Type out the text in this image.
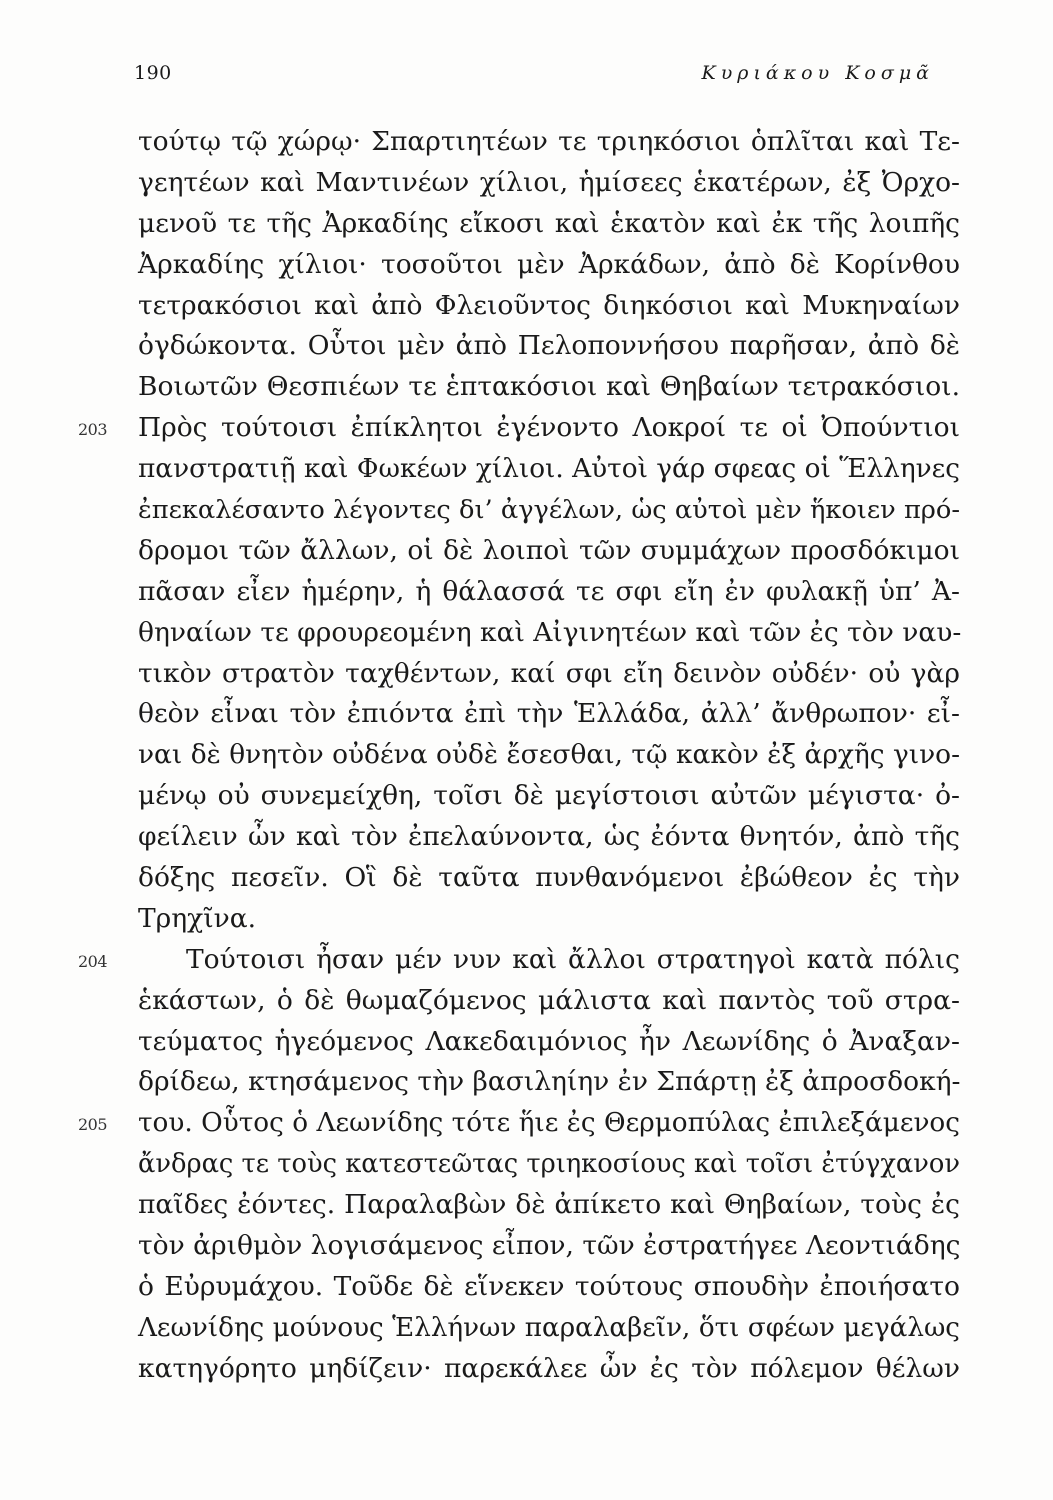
190	Κυριάκου Κοσμᾶ
τούτῳ τῷ χώρῳ· Σπαρτιητέων τε τριηκόσιοι ὁπλῖται καὶ Τε-
γεητέων καὶ Μαντινέων χίλιοι, ἡμίσεες ἑκατέρων, ἐξ Ὀρχο-
μενοῦ τε τῆς Ἀρκαδίης εἴκοσι καὶ ἑκατὸν καὶ ἐκ τῆς λοιπῆς
Ἀρκαδίης χίλιοι· τοσοῦτοι μὲν Ἀρκάδων, ἀπὸ δὲ Κορίνθου
τετρακόσιοι καὶ ἀπὸ Φλειοῦντος διηκόσιοι καὶ Μυκηναίων
ὀγδώκοντα. Οὗτοι μὲν ἀπὸ Πελοποννήσου παρῆσαν, ἀπὸ δὲ
Βοιωτῶν Θεσπιέων τε ἑπτακόσιοι καὶ Θηβαίων τετρακόσιοι.
203 Πρὸς τούτοισι ἐπίκλητοι ἐγένοντο Λοκροί τε οἱ Ὀπούντιοι
πανστρατιῇ καὶ Φωκέων χίλιοι. Αὐτοὶ γάρ σφεας οἱ Ἕλληνες
ἐπεκαλέσαντο λέγοντες δι’ ἀγγέλων, ὡς αὐτοὶ μὲν ἥκοιεν πρό-
δρομοι τῶν ἄλλων, οἱ δὲ λοιποὶ τῶν συμμάχων προσδόκιμοι
πᾶσαν εἶεν ἡμέρην, ἡ θάλασσά τε σφι εἴη ἐν φυλακῇ ὑπ’ Ἀ-
θηναίων τε φρουρεομένη καὶ Αἰγινητέων καὶ τῶν ἐς τὸν ναυ-
τικὸν στρατὸν ταχθέντων, καί σφι εἴη δεινὸν οὐδέν· οὐ γὰρ
θεὸν εἶναι τὸν ἐπιόντα ἐπὶ τὴν Ἑλλάδα, ἀλλ’ ἄνθρωπον· εἶ-
ναι δὲ θνητὸν οὐδένα οὐδὲ ἔσεσθαι, τῷ κακὸν ἐξ ἀρχῆς γινο-
μένῳ οὐ συνεμείχθη, τοῖσι δὲ μεγίστοισι αὐτῶν μέγιστα· ὀ-
φείλειν ὦν καὶ τὸν ἐπελαύνοντα, ὡς ἐόντα θνητόν, ἀπὸ τῆς
δόξης πεσεῖν. Οἳ δὲ ταῦτα πυνθανόμενοι ἐβώθεον ἐς τὴν
Τρηχῖνα.
204	Τούτοισι ἦσαν μέν νυν καὶ ἄλλοι στρατηγοὶ κατὰ πόλις
ἑκάστων, ὁ δὲ θωμαζόμενος μάλιστα καὶ παντὸς τοῦ στρα-
τεύματος ἡγεόμενος Λακεδαιμόνιος ἦν Λεωνίδης ὁ Ἀναξαν-
δρίδεω, κτησάμενος τὴν βασιληίην ἐν Σπάρτῃ ἐξ ἀπροσδοκή-
205 του. Οὗτος ὁ Λεωνίδης τότε ἥιε ἐς Θερμοπύλας ἐπιλεξάμενος
ἄνδρας τε τοὺς κατεστεῶτας τριηκοσίους καὶ τοῖσι ἐτύγχανον
παῖδες ἐόντες. Παραλαβὼν δὲ ἀπίκετο καὶ Θηβαίων, τοὺς ἐς
τὸν ἀριθμὸν λογισάμενος εἶπον, τῶν ἐστρατήγεε Λεοντιάδης
ὁ Εὐρυμάχου. Τοῦδε δὲ εἵνεκεν τούτους σπουδὴν ἐποιήσατο
Λεωνίδης μούνους Ἑλλήνων παραλαβεῖν, ὅτι σφέων μεγάλως
κατηγόρητο μηδίζειν· παρεκάλεε ὦν ἐς τὸν πόλεμον θέλων
